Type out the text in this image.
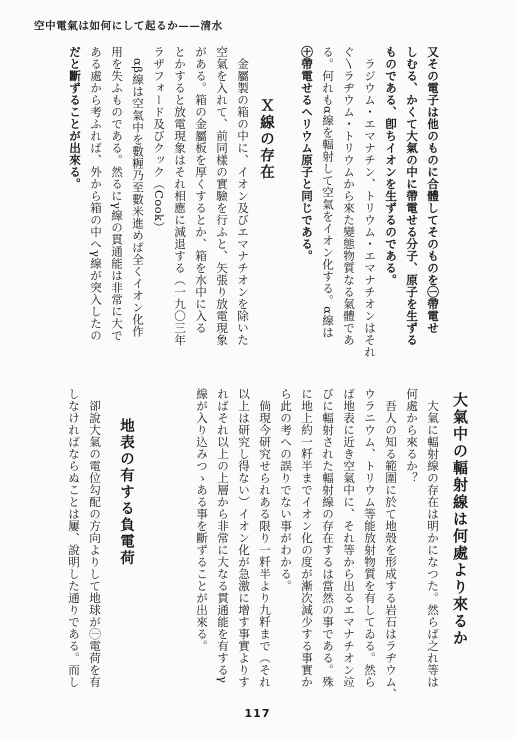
空中電氣は如何にして起るか——清水
又その電子は他のものに合體してそのものを㊀帶電せ
しむる、かくて大氣の中に帶電せる分子、原子を生ずる
ものである、卽ちイオンを生ずるのである。
　ラジウム・エマナチン、トリウム・エマナチオンはそれ
ぐ〵ラヂウム・トリウムから來た變態物質なる氣體であ
る。何れもα線を輻射して空氣をイオン化する。α線は
㊉帶電せるヘリウム原子と同じである。
Ｘ線の存在
　金屬製の箱の中に、イオン及びエマナチオンを除いた
空氣を入れて、前同樣の實驗を行ふと、矢張り放電現象
がある。箱の金屬板を厚くするとか、箱を水中に入る
とかすると放電現象はそれ相應に減退する（一九〇三年
ラザフォード及びクック（Cook）
　αβ線は空氣中を數糎乃至數米進めば全くイオン化作
用を失ふものである。然るにγ線の貫通能は非常に大で
ある處から考ふれば、外から箱の中へγ線が突入したの
だと斷ずることが出來る。
大氣中の輻射線は何處より來るか
　大氣に輻射線の存在は明かになつた。然らば之れ等は
何處から來るか？
　吾人の知る範圍に於て地殼を形成する岩石はラヂウム、
ウラニウム、トリウム等能放射物質を有してゐる。然ら
ば地表に近き空氣中に、それ等から出るエマナチオン竝
びに輻射された輻射線の存在するは當然の事である。殊
に地上約一粁半までイオン化の度が漸次減少する事實か
ら此の考への誤りでない事がわかる。
　倘現今研究せられある限り一粁半より九粁まで（それ
以上は研究し得ない）イオン化が急激に增す事實よりす
ればそれ以上の上層から非常に大なる貫通能を有するγ
線が入り込みつゝある事を斷ずることが出來る。
地表の有する負電荷
　卻說大氣の電位勾配の方向よりして地球が㊀電荷を有
しなければならぬことは屢、說明した通りである。而し
117
